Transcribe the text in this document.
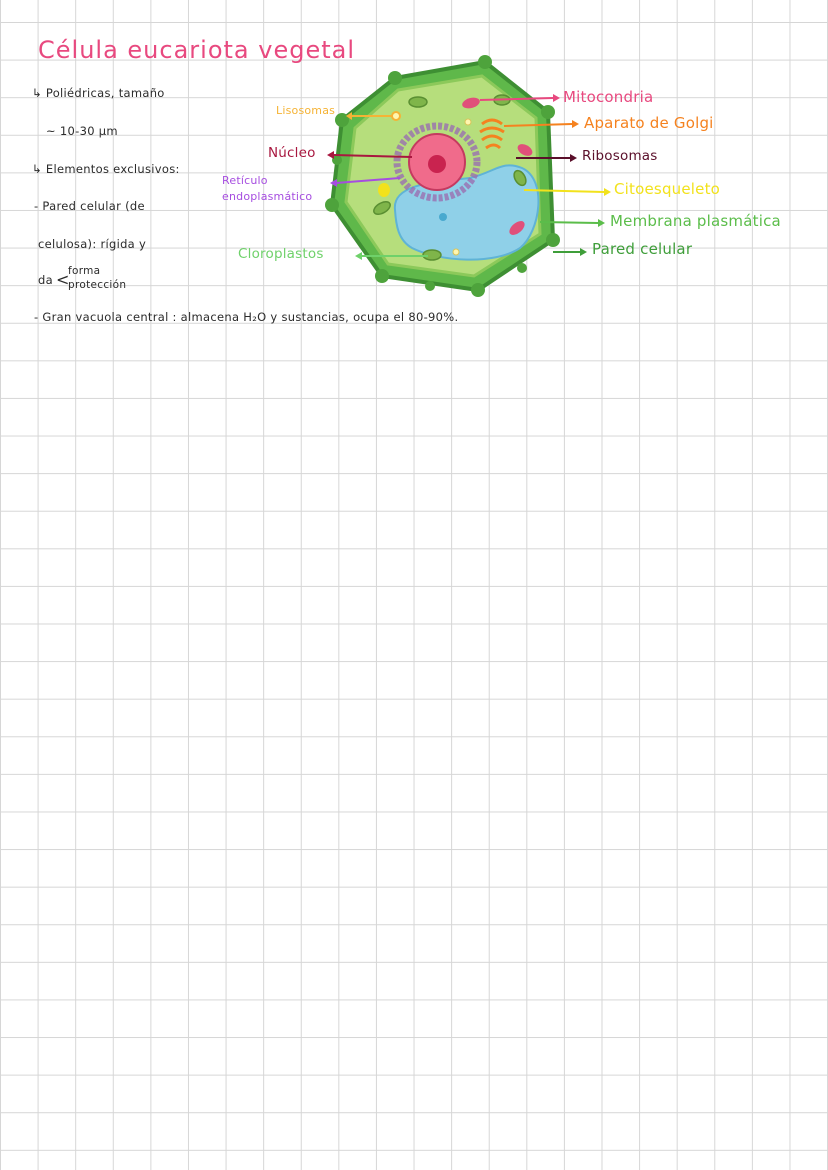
Célula eucariota vegetal
↳ Poliédricas, tamaño
~ 10-30 µm
↳ Elementos exclusivos:
- Pared celular (de
celulosa): rígida y
da <
forma
protección
- Gran vacuola central : almacena H₂O y sustancias, ocupa el 80-90%.
Lisosomas
Núcleo
Retículo
endoplasmático
Cloroplastos
Mitocondria
Aparato de Golgi
Ribosomas
Citoesqueleto
Membrana plasmática
Pared celular
